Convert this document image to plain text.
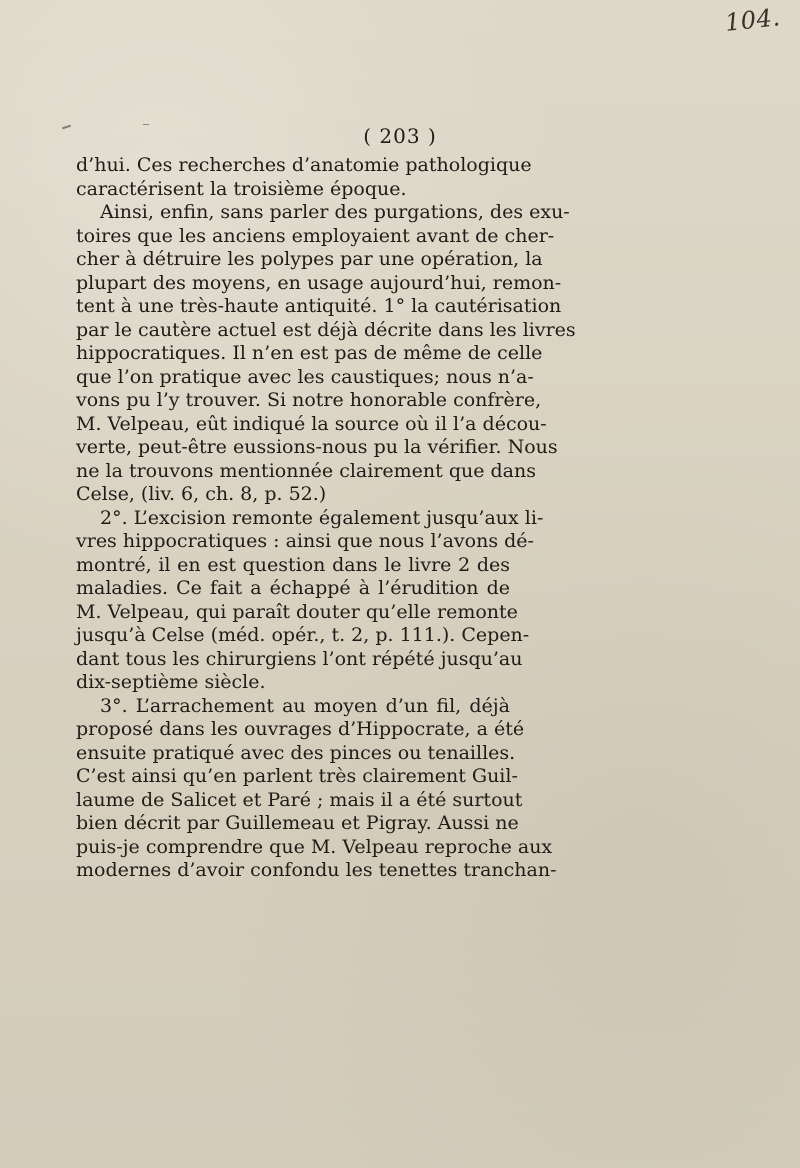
104.
( 203 )
d’hui. Ces recherches d’anatomie pathologique
caractérisent la troisième époque.
Ainsi, enfin, sans parler des purgations, des exu-
toires que les anciens employaient avant de cher-
cher à détruire les polypes par une opération, la
plupart des moyens, en usage aujourd’hui, remon-
tent à une très-haute antiquité. 1° la cautérisation
par le cautère actuel est déjà décrite dans les livres
hippocratiques. Il n’en est pas de même de celle
que l’on pratique avec les caustiques; nous n’a-
vons pu l’y trouver. Si notre honorable confrère,
M. Velpeau, eût indiqué la source où il l’a décou-
verte, peut-être eussions-nous pu la vérifier. Nous
ne la trouvons mentionnée clairement que dans
Celse, (liv. 6, ch. 8, p. 52.)
2°. L’excision remonte également jusqu’aux li-
vres hippocratiques : ainsi que nous l’avons dé-
montré, il en est question dans le livre 2 des
maladies. Ce fait a échappé à l’érudition de
M. Velpeau, qui paraît douter qu’elle remonte
jusqu’à Celse (méd. opér., t. 2, p. 111.). Cepen-
dant tous les chirurgiens l’ont répété jusqu’au
dix-septième siècle.
3°. L’arrachement au moyen d’un fil, déjà
proposé dans les ouvrages d’Hippocrate, a été
ensuite pratiqué avec des pinces ou tenailles.
C’est ainsi qu’en parlent très clairement Guil-
laume de Salicet et Paré ; mais il a été surtout
bien décrit par Guillemeau et Pigray. Aussi ne
puis-je comprendre que M. Velpeau reproche aux
modernes d’avoir confondu les tenettes tranchan-
